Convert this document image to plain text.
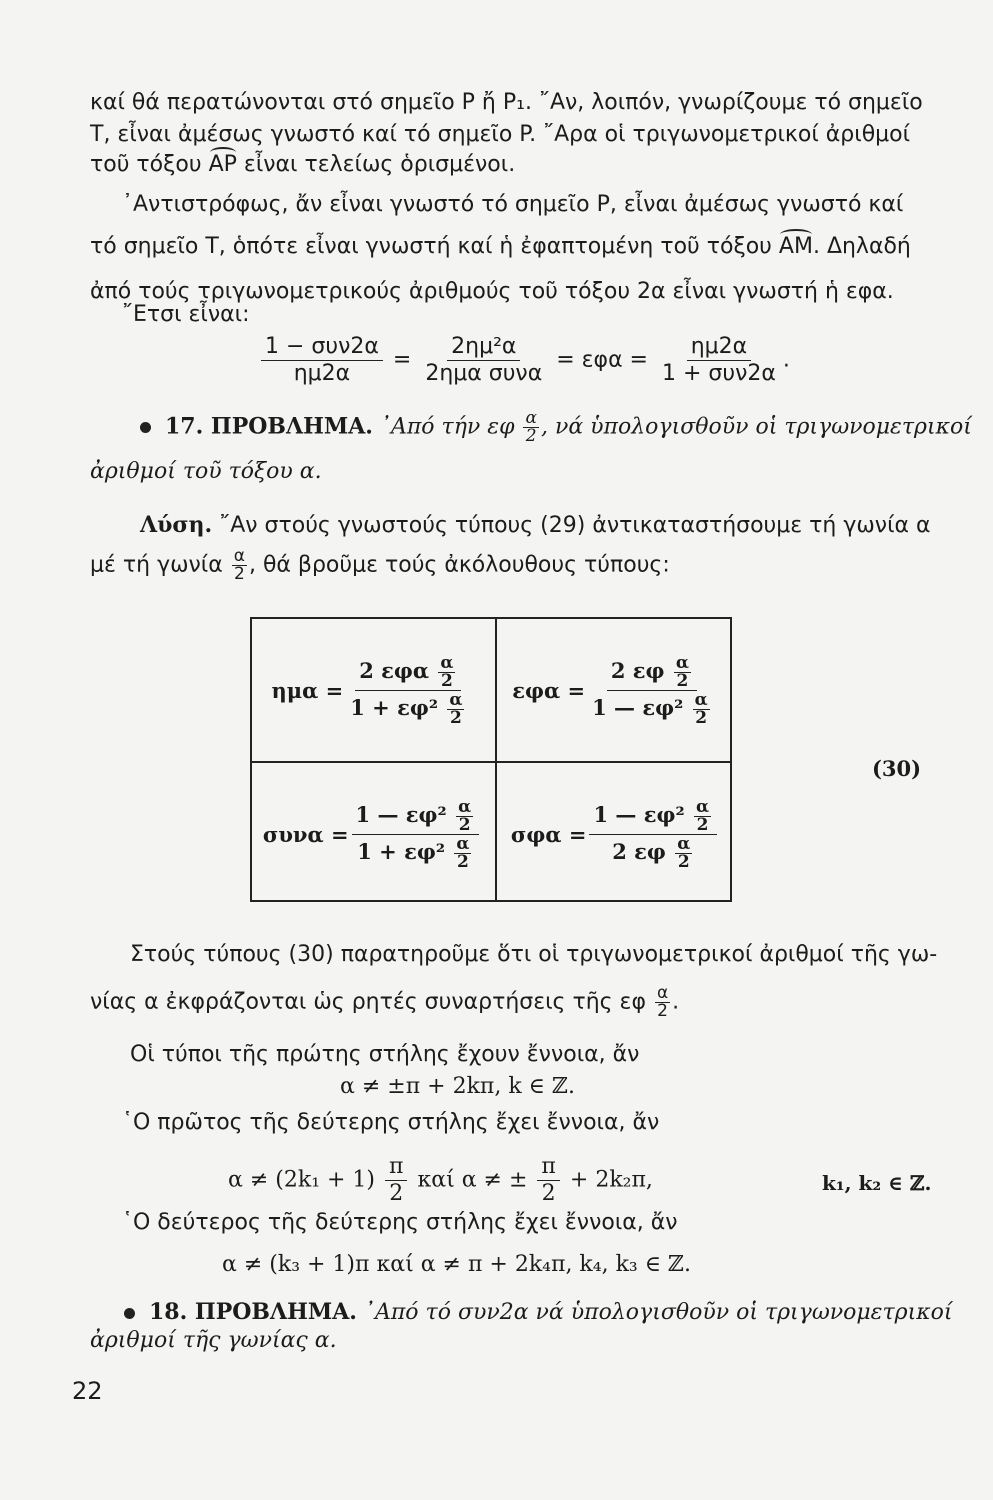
καί θά περατώνονται στό σημεῖο P ἤ P₁. ῎Αν, λοιπόν, γνωρίζουμε τό σημεῖο
T, εἶναι ἀμέσως γνωστό καί τό σημεῖο P. ῎Αρα οἱ τριγωνομετρικοί ἀριθμοί
τοῦ τόξου AP εἶναι τελείως ὁρισμένοι.
᾿Αντιστρόφως, ἄν εἶναι γνωστό τό σημεῖο P, εἶναι ἀμέσως γνωστό καί
τό σημεῖο T, ὁπότε εἶναι γνωστή καί ἡ ἐφαπτομένη τοῦ τόξου AM. Δηλαδή
ἀπό τούς τριγωνομετρικούς ἀριθμούς τοῦ τόξου 2α εἶναι γνωστή ἡ εφα.
῎Ετσι εἶναι:
$\frac{\text{1 − συν2α}}{\eta\mu 2\alpha} = \frac{\text{2ημ²α}}{\text{2ημα συνα}} = \varepsilon\varphi\alpha = \frac{\eta\mu 2\alpha}{\text{1 + συν2α}}$ .
17. ΠΡΟΒΛΗΜΑ. ᾿Από τήν εφ $\frac{\alpha}{2}$ , νά ὑπολογισθοῦν οἱ τριγωνομετρικοί
ἀριθμοί τοῦ τόξου α.
Λύση. ῎Αν στούς γνωστούς τύπους (29) ἀντικαταστήσουμε τή γωνία α
μέ τή γωνία $\frac{\alpha}{2}$ , θά βροῦμε τούς ἀκόλουθους τύπους:
$\eta\mu\alpha = \frac{2 \varepsilon\varphi\alpha \frac{\alpha}{2}}{1 + \varepsilon\varphi^2 \frac{\alpha}{2}}$ $\varepsilon\varphi\alpha = \frac{2 \varepsilon\varphi \frac{\alpha}{2}}{1 — \varepsilon\varphi^2 \frac{\alpha}{2}}$
$\sigma\upsilon\nu\alpha = \frac{1 — \varepsilon\varphi^2 \frac{\alpha}{2}}{1 + \varepsilon\varphi^2 \frac{\alpha}{2}}$ $\sigma\varphi\alpha = \frac{1 — \varepsilon\varphi^2 \frac{\alpha}{2}}{2 \varepsilon\varphi \frac{\alpha}{2}}$
(30)
Στούς τύπους (30) παρατηροῦμε ὅτι οἱ τριγωνομετρικοί ἀριθμοί τῆς γω-
νίας α ἐκφράζονται ὡς ρητές συναρτήσεις τῆς εφ $\frac{\alpha}{2}$ .
Οἱ τύποι τῆς πρώτης στήλης ἔχουν ἔννοια, ἄν
α ≠ ±π + 2kπ, k ∈ ℤ.
῾Ο πρῶτος τῆς δεύτερης στήλης ἔχει ἔννοια, ἄν
$\alpha \ne (2k_1 + 1) \frac{\pi}{2}$ καί α ≠ ± $\frac{\pi}{2} + 2k_2\pi$,	k₁, k₂ ∈ ℤ.
῾Ο δεύτερος τῆς δεύτερης στήλης ἔχει ἔννοια, ἄν
α ≠ (k₃ + 1)π καί α ≠ π + 2k₄π, k₄, k₃ ∈ ℤ.
18. ΠΡΟΒΛΗΜΑ. ᾿Από τό συν2α νά ὑπολογισθοῦν οἱ τριγωνομετρικοί
ἀριθμοί τῆς γωνίας α.
22
